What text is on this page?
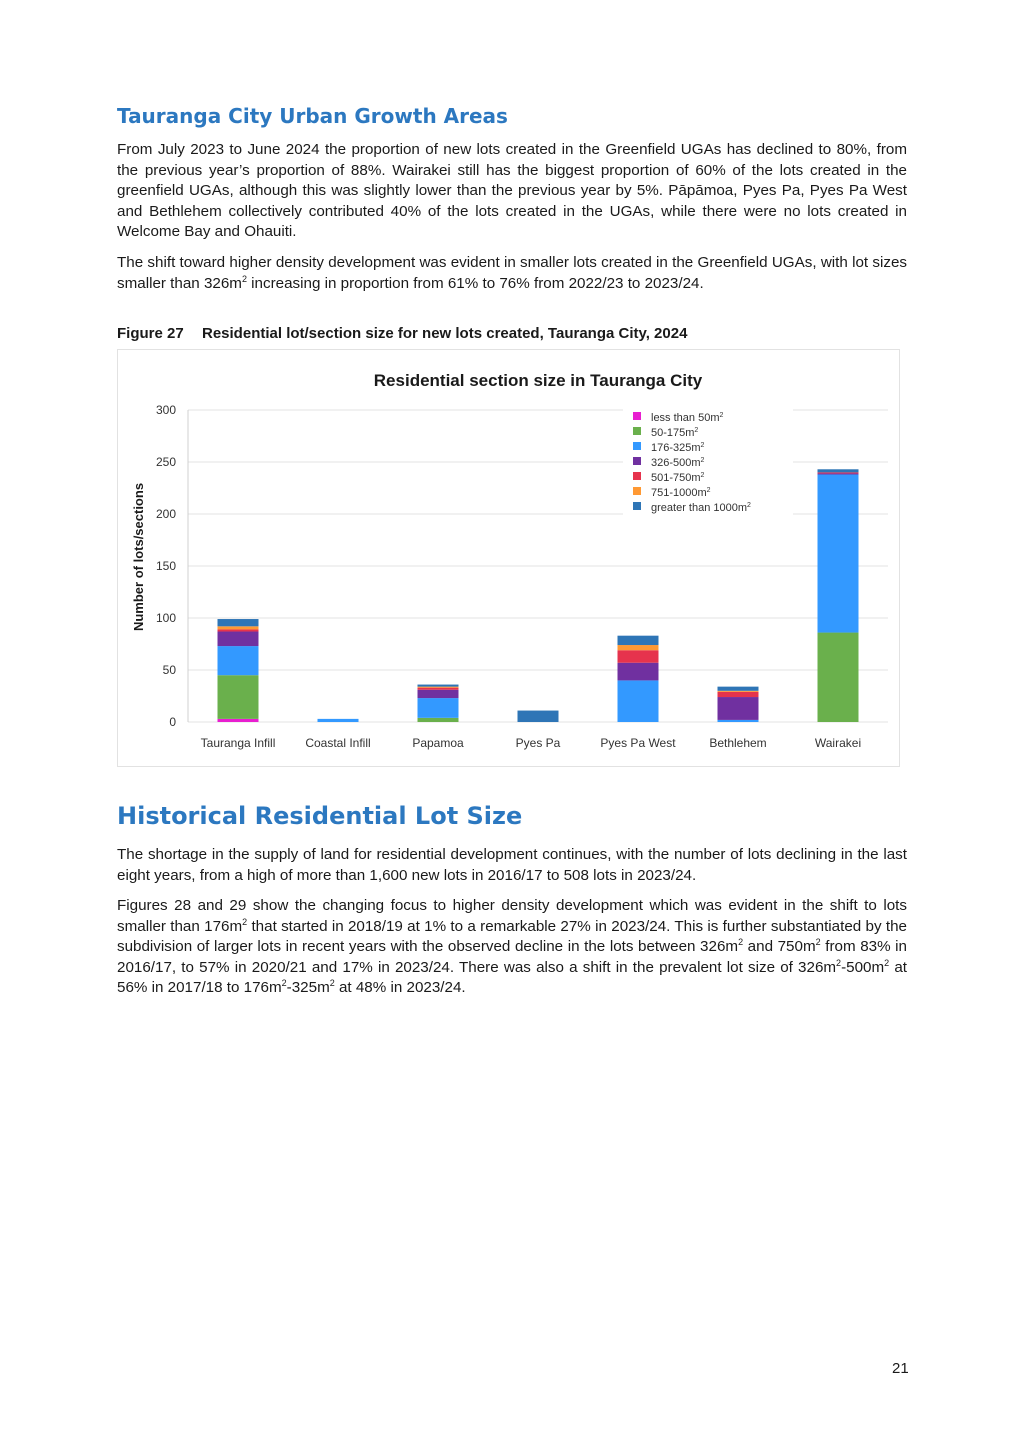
Tauranga City Urban Growth Areas

From July 2023 to June 2024 the proportion of new lots created in the Greenfield UGAs has declined to 80%, from the previous year’s proportion of 88%. Wairakei still has the biggest proportion of 60% of the lots created in the greenfield UGAs, although this was slightly lower than the previous year by 5%. Pāpāmoa, Pyes Pa, Pyes Pa West and Bethlehem collectively contributed 40% of the lots created in the UGAs, while there were no lots created in Welcome Bay and Ohauiti.

The shift toward higher density development was evident in smaller lots created in the Greenfield UGAs, with lot sizes smaller than $326m^2$ increasing in proportion from 61% to 76% from 2022/23 to 2023/24.

Figure 27 Residential lot/section size for new lots created, Tauranga City, 2024
Residential section size in Tauranga City
Number of lots/sections
0
50
100
150
200
250
300
Tauranga Infill Coastal Infill	Papamoa	Pyes Pa	Pyes Pa West	Bethlehem	Wairakei
less than $50m^2$
$50-175m^2$
$176-325m^2$
$326-500m^2$
$501-750m^2$
$751-1000m^2$
greater than $1000m^2$
Historical Residential Lot Size

The shortage in the supply of land for residential development continues, with the number of lots declining in the last eight years, from a high of more than 1,600 new lots in 2016/17 to 508 lots in 2023/24.

Figures 28 and 29 show the changing focus to higher density development which was evident in the shift to lots smaller than $176m^2$ that started in 2018/19 at 1% to a remarkable 27% in 2023/24. This is further substantiated by the subdivision of larger lots in recent years with the observed decline in the lots between $326m^2$ and $750m^2$ from 83% in 2016/17, to 57% in 2020/21 and 17% in 2023/24. There was also a shift in the prevalent lot size of $326m^2-500m^2$ at 56% in 2017/18 to $176m^2-325m^2$ at 48% in 2023/24.

21
